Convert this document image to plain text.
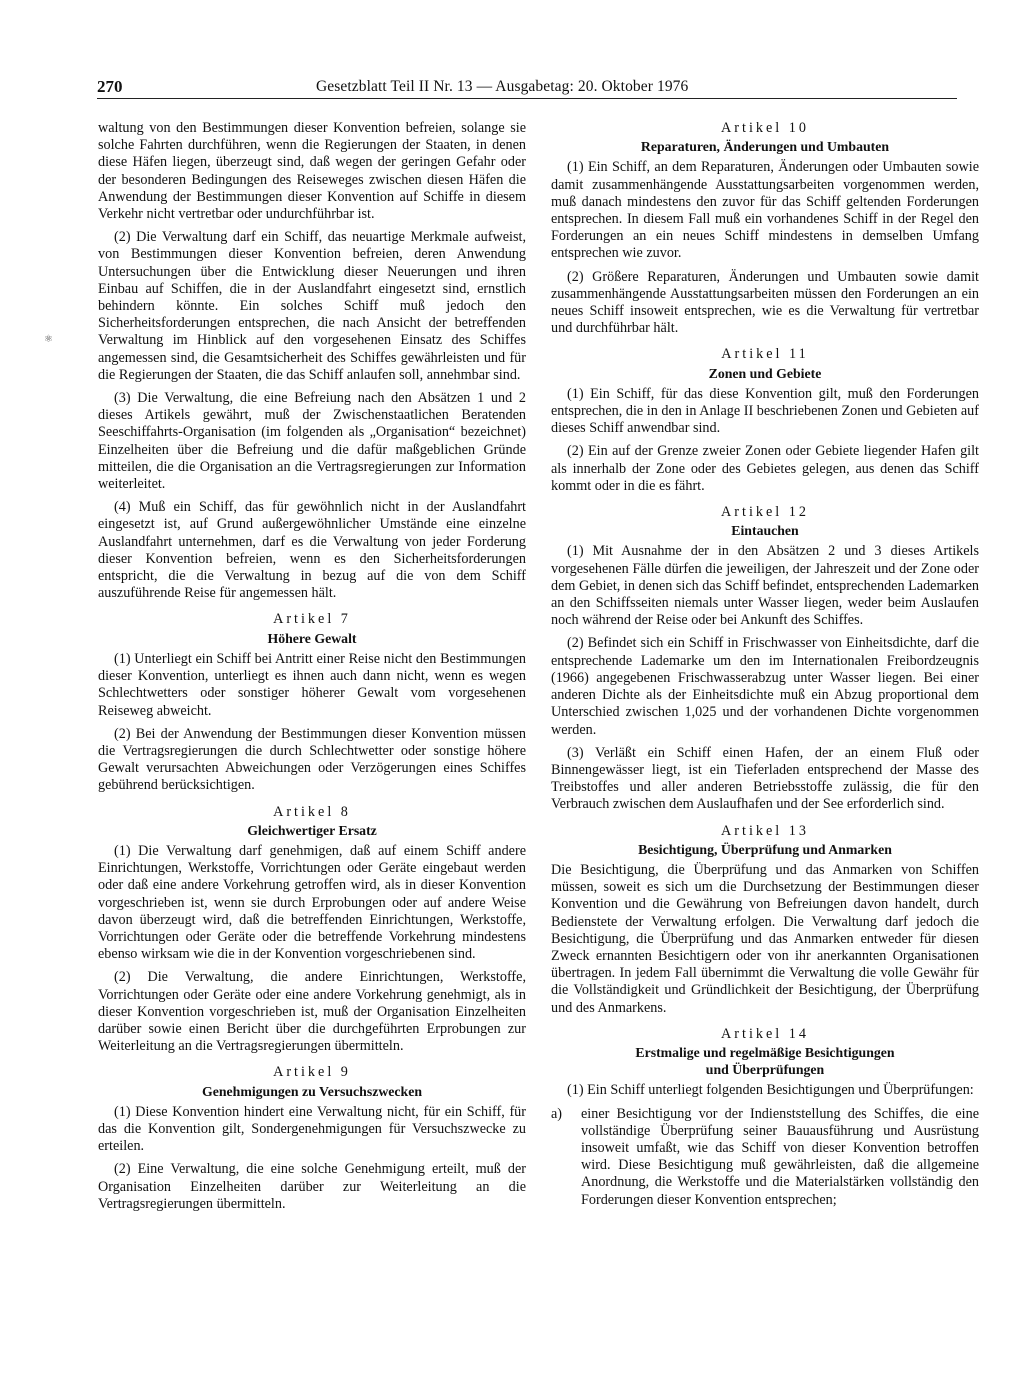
270	Gesetzblatt Teil II Nr. 13 — Ausgabetag: 20. Oktober 1976
⚛

waltung von den Bestimmungen dieser Konvention befreien, solange sie solche Fahrten durchführen, wenn die Regierungen der Staaten, in denen diese Häfen liegen, überzeugt sind, daß wegen der geringen Gefahr oder der besonderen Bedingungen des Reiseweges zwischen diesen Häfen die Anwendung der Bestimmungen dieser Konvention auf Schiffe in diesem Verkehr nicht vertretbar oder undurchführbar ist.

(2) Die Verwaltung darf ein Schiff, das neuartige Merkmale aufweist, von Bestimmungen dieser Konvention befreien, deren Anwendung Untersuchungen über die Entwicklung dieser Neuerungen und ihren Einbau auf Schiffen, die in der Auslandfahrt eingesetzt sind, ernstlich behindern könnte. Ein solches Schiff muß jedoch den Sicherheitsforderungen entsprechen, die nach Ansicht der betreffenden Verwaltung im Hinblick auf den vorgesehenen Einsatz des Schiffes angemessen sind, die Gesamtsicherheit des Schiffes gewährleisten und für die Regierungen der Staaten, die das Schiff anlaufen soll, annehmbar sind.

(3) Die Verwaltung, die eine Befreiung nach den Absätzen 1 und 2 dieses Artikels gewährt, muß der Zwischenstaatlichen Beratenden Seeschiffahrts-Organisation (im folgenden als „Organisation“ bezeichnet) Einzelheiten über die Befreiung und die dafür maßgeblichen Gründe mitteilen, die die Organisation an die Vertragsregierungen zur Information weiterleitet.

(4) Muß ein Schiff, das für gewöhnlich nicht in der Auslandfahrt eingesetzt ist, auf Grund außergewöhnlicher Umstände eine einzelne Auslandfahrt unternehmen, darf es die Verwaltung von jeder Forderung dieser Konvention befreien, wenn es den Sicherheitsforderungen entspricht, die die Verwaltung in bezug auf die von dem Schiff auszuführende Reise für angemessen hält.

Artikel 7
Höhere Gewalt

(1) Unterliegt ein Schiff bei Antritt einer Reise nicht den Bestimmungen dieser Konvention, unterliegt es ihnen auch dann nicht, wenn es wegen Schlechtwetters oder sonstiger höherer Gewalt vom vorgesehenen Reiseweg abweicht.

(2) Bei der Anwendung der Bestimmungen dieser Konvention müssen die Vertragsregierungen die durch Schlechtwetter oder sonstige höhere Gewalt verursachten Abweichungen oder Verzögerungen eines Schiffes gebührend berücksichtigen.

Artikel 8
Gleichwertiger Ersatz

(1) Die Verwaltung darf genehmigen, daß auf einem Schiff andere Einrichtungen, Werkstoffe, Vorrichtungen oder Geräte eingebaut werden oder daß eine andere Vorkehrung getroffen wird, als in dieser Konvention vorgeschrieben ist, wenn sie durch Erprobungen oder auf andere Weise davon überzeugt wird, daß die betreffenden Einrichtungen, Werkstoffe, Vorrichtungen oder Geräte oder die betreffende Vorkehrung mindestens ebenso wirksam wie die in der Konvention vorgeschriebenen sind.

(2) Die Verwaltung, die andere Einrichtungen, Werkstoffe, Vorrichtungen oder Geräte oder eine andere Vorkehrung genehmigt, als in dieser Konvention vorgeschrieben ist, muß der Organisation Einzelheiten darüber sowie einen Bericht über die durchgeführten Erprobungen zur Weiterleitung an die Vertragsregierungen übermitteln.

Artikel 9
Genehmigungen zu Versuchszwecken

(1) Diese Konvention hindert eine Verwaltung nicht, für ein Schiff, für das die Konvention gilt, Sondergenehmigungen für Versuchszwecke zu erteilen.

(2) Eine Verwaltung, die eine solche Genehmigung erteilt, muß der Organisation Einzelheiten darüber zur Weiterleitung an die Vertragsregierungen übermitteln.

Artikel 10
Reparaturen, Änderungen und Umbauten

(1) Ein Schiff, an dem Reparaturen, Änderungen oder Umbauten sowie damit zusammenhängende Ausstattungsarbeiten vorgenommen werden, muß danach mindestens den zuvor für das Schiff geltenden Forderungen entsprechen. In diesem Fall muß ein vorhandenes Schiff in der Regel den Forderungen an ein neues Schiff mindestens in demselben Umfang entsprechen wie zuvor.

(2) Größere Reparaturen, Änderungen und Umbauten sowie damit zusammenhängende Ausstattungsarbeiten müssen den Forderungen an ein neues Schiff insoweit entsprechen, wie es die Verwaltung für vertretbar und durchführbar hält.

Artikel 11
Zonen und Gebiete

(1) Ein Schiff, für das diese Konvention gilt, muß den Forderungen entsprechen, die in den in Anlage II beschriebenen Zonen und Gebieten auf dieses Schiff anwendbar sind.

(2) Ein auf der Grenze zweier Zonen oder Gebiete liegender Hafen gilt als innerhalb der Zone oder des Gebietes gelegen, aus denen das Schiff kommt oder in die es fährt.

Artikel 12
Eintauchen

(1) Mit Ausnahme der in den Absätzen 2 und 3 dieses Artikels vorgesehenen Fälle dürfen die jeweiligen, der Jahreszeit und der Zone oder dem Gebiet, in denen sich das Schiff befindet, entsprechenden Lademarken an den Schiffsseiten niemals unter Wasser liegen, weder beim Auslaufen noch während der Reise oder bei Ankunft des Schiffes.

(2) Befindet sich ein Schiff in Frischwasser von Einheitsdichte, darf die entsprechende Lademarke um den im Internationalen Freibordzeugnis (1966) angegebenen Frischwasserabzug unter Wasser liegen. Bei einer anderen Dichte als der Einheitsdichte muß ein Abzug proportional dem Unterschied zwischen 1,025 und der vorhandenen Dichte vorgenommen werden.

(3) Verläßt ein Schiff einen Hafen, der an einem Fluß oder Binnengewässer liegt, ist ein Tieferladen entsprechend der Masse des Treibstoffes und aller anderen Betriebsstoffe zulässig, die für den Verbrauch zwischen dem Auslaufhafen und der See erforderlich sind.

Artikel 13
Besichtigung, Überprüfung und Anmarken

Die Besichtigung, die Überprüfung und das Anmarken von Schiffen müssen, soweit es sich um die Durchsetzung der Bestimmungen dieser Konvention und die Gewährung von Befreiungen davon handelt, durch Bedienstete der Verwaltung erfolgen. Die Verwaltung darf jedoch die Besichtigung, die Überprüfung und das Anmarken entweder für diesen Zweck ernannten Besichtigern oder von ihr anerkannten Organisationen übertragen. In jedem Fall übernimmt die Verwaltung die volle Gewähr für die Vollständigkeit und Gründlichkeit der Besichtigung, der Überprüfung und des Anmarkens.

Artikel 14
Erstmalige und regelmäßige Besichtigungen
und Überprüfungen

(1) Ein Schiff unterliegt folgenden Besichtigungen und Überprüfungen:

a)	einer Besichtigung vor der Indienststellung des Schiffes, die eine vollständige Überprüfung seiner Bauausführung und Ausrüstung insoweit umfaßt, wie das Schiff von dieser Konvention betroffen wird. Diese Besichtigung muß gewährleisten, daß die allgemeine Anordnung, die Werkstoffe und die Materialstärken vollständig den Forderungen dieser Konvention entsprechen;
